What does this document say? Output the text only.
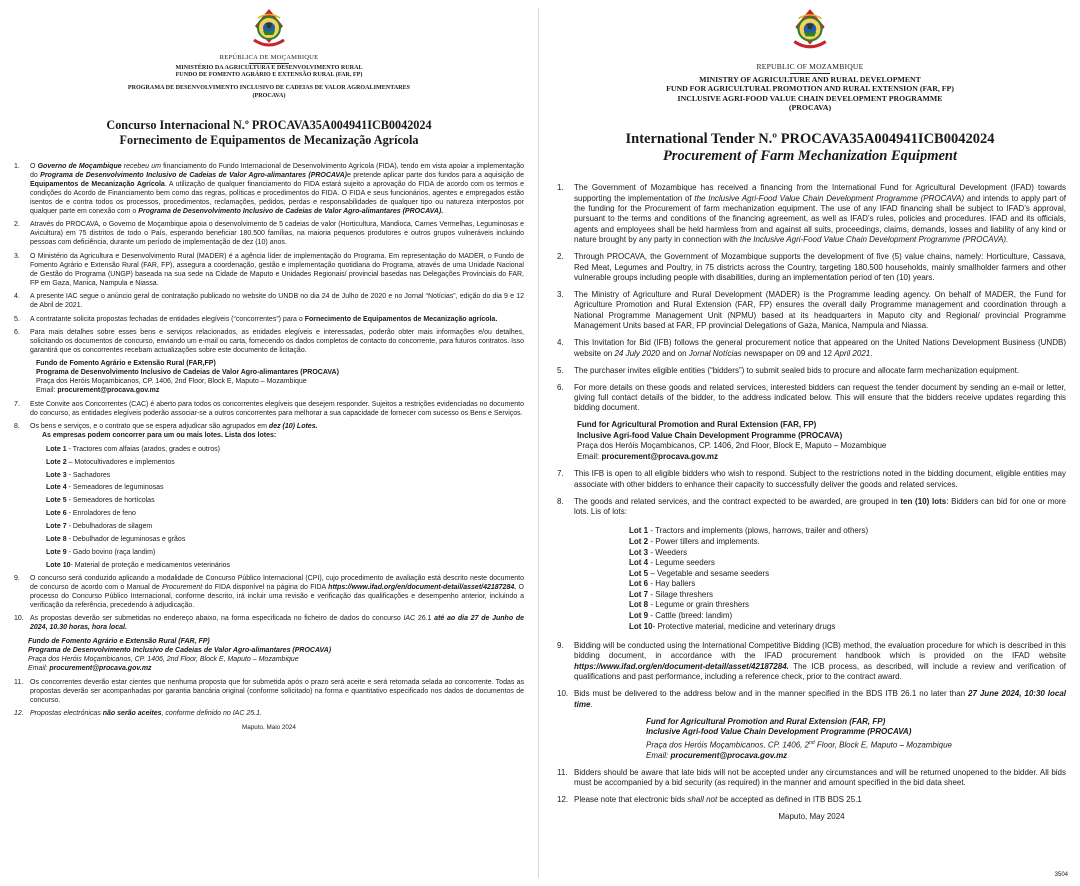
REPÚBLICA DE MOÇAMBIQUE
MINISTÉRIO DA AGRICULTURA E DESENVOLVIMENTO RURAL
FUNDO DE FOMENTO AGRÁRIO E EXTENSÃO RURAL (FAR, FP)
PROGRAMA DE DESENVOLVIMENTO INCLUSIVO DE CADEIAS DE VALOR AGROALIMENTARES
(PROCAVA)
Concurso Internacional N.º PROCAVA35A004941ICB0042024
Fornecimento de Equipamentos de Mecanização Agrícola
1.	O Governo de Moçambique recebeu um financiamento do Fundo Internacional de Desenvolvimento Agrícola (FIDA), tendo em vista apoiar a implementação do Programa de Desenvolvimento Inclusivo de Cadeias de Valor Agro-alimantares (PROCAVA)e pretende aplicar parte dos fundos para a aquisição de Equipamentos de Mecanização Agrícola. A utilização de qualquer financiamento do FIDA estará sujeito a aprovação do FIDA de acordo com os termos e condições do Acordo de Financiamento bem como das regras, políticas e procedimentos do FIDA. O FIDA e seus funcionários, agentes e empregados estão isentos de e contra todos os processos, procedimentos, reclamações, pedidos, perdas e responsabilidades de qualquer tipo ou natureza interpostos por qualquer parte em conexão com o Programa de Desenvolvimento Inclusivo de Cadeias de Valor Agro-alimantares (PROCAVA).
2.	Através do PROCAVA, o Governo de Moçambique apoia o desenvolvimento de 5 cadeias de valor (Horticultura, Mandioca, Carnes Vermelhas, Leguminosas e Avicultura) em 75 distritos de todo o País, esperando beneficiar 180.500 famílias, na maioria pequenos produtores e outros grupos vulneráveis incluindo pessoas com deficiência, durante um período de implementação de dez (10) anos.
3.	O Ministério da Agricultura e Desenvolvimento Rural (MADER) é a agência líder de implementação do Programa. Em representação do MADER, o Fundo de Fomento Agrário e Extensão Rural (FAR, FP), assegura a coordenação, gestão e implementação quotidiana do Programa, através de uma Unidade Nacional de Gestão do Programa (UNGP) baseada na sua sede na Cidade de Maputo e Unidades Regionais/ provincial basedas nas Delegações Provinciais do FAR, FP em Gaza, Manica, Nampula e Niassa.
4.	A presente IAC segue o anúncio geral de contratação publicado no website do UNDB no dia 24 de Julho de 2020 e no Jornal “Notícias”, edição do dia 9 e 12 de Abril de 2021.
5.	A contratante solicita propostas fechadas de entidades elegíveis (“concorrentes”) para o Fornecimento de Equipamentos de Mecanização agrícola.
6.	Para mais detalhes sobre esses bens e serviços relacionados, as enidades elegíveis e interessadas, poderão obter mais informações e/ou detalhes, solicitando os documentos de concurso, enviando um e-mail ou carta, fornecendo os dados completos de contacto do concorrente, para futuros contratos. Isso garantirá que os concorrentes recebam actualizações sobre este documento de licitação.
Fundo de Fomento Agrário e Extensão Rural (FAR,FP)
Programa de Desenvolvimento Inclusivo de Cadeias de Valor Agro-alimantares (PROCAVA)
Praça dos Heróis Moçambicanos, CP. 1406, 2nd Floor, Block E, Maputo – Mozambique
Email: procurement@procava.gov.mz
7.	Este Convite aos Concorrentes (CAC) é aberto para todos os concorrentes elegíveis que desejem responder. Sujeitos a restrições evidenciadas no documento do concurso, as entidades elegíveis poderão associar-se a outros concorrentes para melhorar a sua capacidade de fornecer com sucesso os Bens e Serviços.
8.	Os bens e serviços, e o contrato que se espera adjudicar são agrupados em dez (10) Lotes.
As empresas podem concorrer para um ou mais lotes. Lista dos lotes:
Lote 1 - Tractores com alfaias (arados, grades e outros)
Lote 2 – Motocultivadores e implementos
Lote 3 - Sachadores
Lote 4 - Semeadores de leguminosas
Lote 5 - Semeadores de hortícolas
Lote 6 - Enroladores de feno
Lote 7 - Debulhadoras de silagem
Lote 8 - Debulhador de leguminosas e grãos
Lote 9 - Gado bovino (raça landim)
Lote 10- Material de proteção e medicamentos veterinários
9.	O concurso será conduzido aplicando a modalidade de Concurso Público Internacional (CPI), cujo procedimento de avaliação está descrito neste documento de concurso de acordo com o Manual de Procurement do FIDA disponível na página do FIDA https://www.ifad.org/en/document-detail/asset/42187284. O processo do Concurso Público Internacional, conforme descrito, irá incluir uma revisão e verificação das qualificações e desempenho anterior, incluindo a verificação da referência, precedendo à adjudicação.
10. As propostas deverão ser submetidas no endereço abaixo, na forma especificada no ficheiro de dados do concurso IAC 26.1 até ao dia 27 de Junho de 2024, 10.30 horas, hora local.
Fundo de Fomento Agrário e Extensão Rural (FAR, FP)
Programa de Desenvolvimento Inclusivo de Cadeias de Valor Agro-alimantares (PROCAVA)
Praça dos Heróis Moçambicanos, CP. 1406, 2nd Floor, Block E, Maputo – Mozambique
Email: procurement@procava.gov.mz
11. Os concorrentes deverão estar cientes que nenhuma proposta que for submetida após o prazo será aceite e será retornada selada ao concorrente. Todas as propostas deverão ser acompanhadas por garantia bancária original (conforme solicitado) na forma e quantitativo especificado nos dados de documentos de concurso.
12. Propostas electrónicas não serão aceites, conforme definido no IAC 25.1.
Maputo, Maio 2024
REPUBLIC OF MOZAMBIQUE
MINISTRY OF AGRICULTURE AND RURAL DEVELOPMENT
FUND FOR AGRICULTURAL PROMOTION AND RURAL EXTENSION (FAR, FP)
INCLUSIVE AGRI-FOOD VALUE CHAIN DEVELOPMENT PROGRAMME
(PROCAVA)
International Tender N.º PROCAVA35A004941ICB0042024
Procurement of Farm Mechanization Equipment
1.	The Government of Mozambique has received a financing from the International Fund for Agricultural Development (IFAD) towards supporting the implementation of the Inclusive Agri-Food Value Chain Development Programme (PROCAVA) and intends to apply part of the funding for the Procurement of farm mechanization equipment. The use of any IFAD financing shall be subject to IFAD’s approval, pursuant to the terms and conditions of the financing agreement, as well as IFAD’s rules, policies and procedures. IFAD and its officials, agents and employees shall be held harmless from and against all suits, proceedings, claims, demands, losses and liability of any kind or nature brought by any party in connection with the Inclusive Agri-Food Value Chain Development Programme (PROCAVA).
2.	Through PROCAVA, the Government of Mozambique supports the development of five (5) value chains, namely: Horticulture, Cassava, Red Meat, Legumes and Poultry, in 75 districts across the Country, targeting 180.500 households, mainly smallholder farmers and other vulnerable groups including people with disabilities, during an implementation period of ten (10) years.
3.	The Ministry of Agriculture and Rural Development (MADER) is the Programme leading agency. On behalf of MADER, the Fund for Agriculture Promotion and Rural Extension (FAR, FP) ensures the overall daily Programme management and coordination through a National Programme Management Unit (NPMU) based at its headquarters in Maputo city and Regional/ provincial Programme Management Units based at FAR, FP provincial Delegations of Gaza, Manica, Nampula and Niassa.
4.	This Invitation for Bid (IFB) follows the general procurement notice that appeared on the United Nations Development Business (UNDB) website on 24 July 2020 and on Jornal Notícias newspaper on 09 and 12 April 2021.
5.	The purchaser invites eligible entities (“bidders”) to submit sealed bids to procure and allocate farm mechanization equipment.
6.	For more details on these goods and related services, interested bidders can request the tender document by sending an e-mail or letter, giving full contact details of the bidder, to the address indicated below. This will ensure that the bidders receive updates regarding this bidding document.
Fund for Agricultural Promotion and Rural Extension (FAR, FP)
Inclusive Agri-food Value Chain Development Programme (PROCAVA)
Praça dos Heróis Moçambicanos, CP. 1406, 2nd Floor, Block E, Maputo – Mozambique
Email: procurement@procava.gov.mz
7.	This IFB is open to all eligible bidders who wish to respond. Subject to the restrictions noted in the bidding document, eligible entities may associate with other bidders to enhance their capacity to successfully deliver the goods and related services.
8.	The goods and related services, and the contract expected to be awarded, are grouped in ten (10) lots: Bidders can bid for one or more lots. Lis of lots:
Lot 1 - Tractors and implements (plows, harrows, trailer and others)
Lot 2 - Power tillers and implements.
Lot 3 - Weeders
Lot 4 - Legume seeders
Lot 5 – Vegetable and sesame seeders
Lot 6 - Hay ballers
Lot 7 - Silage threshers
Lot 8 - Legume or grain threshers
Lot 9 - Cattle (breed: landim)
Lot 10- Protective material, medicine and veterinary drugs
9.	Bidding will be conducted using the International Competitive Bidding (ICB) method, the evaluation procedure for which is described in this bidding document, in accordance with the IFAD procurement handbook which is provided on the IFAD website https://www.ifad.org/en/document-detail/asset/42187284. The ICB process, as described, will include a review and verification of qualifications and past performance, including a reference check, prior to the contract award.
10. Bids must be delivered to the address below and in the manner specified in the BDS ITB 26.1 no later than 27 June 2024, 10:30 local time.
Fund for Agricultural Promotion and Rural Extension (FAR, FP)
Inclusive Agri-food Value Chain Development Programme (PROCAVA)
Praça dos Heróis Moçambicanos, CP. 1406, 2nd Floor, Block E, Maputo – Mozambique
Email: procurement@procava.gov.mz
11. Bidders should be aware that late bids will not be accepted under any circumstances and will be returned unopened to the bidder. All bids must be accompanied by a bid security (as required) in the manner and amount specified in the bid data sheet.
12. Please note that electronic bids shall not be accepted as defined in ITB BDS 25.1
Maputo, May 2024
3504
